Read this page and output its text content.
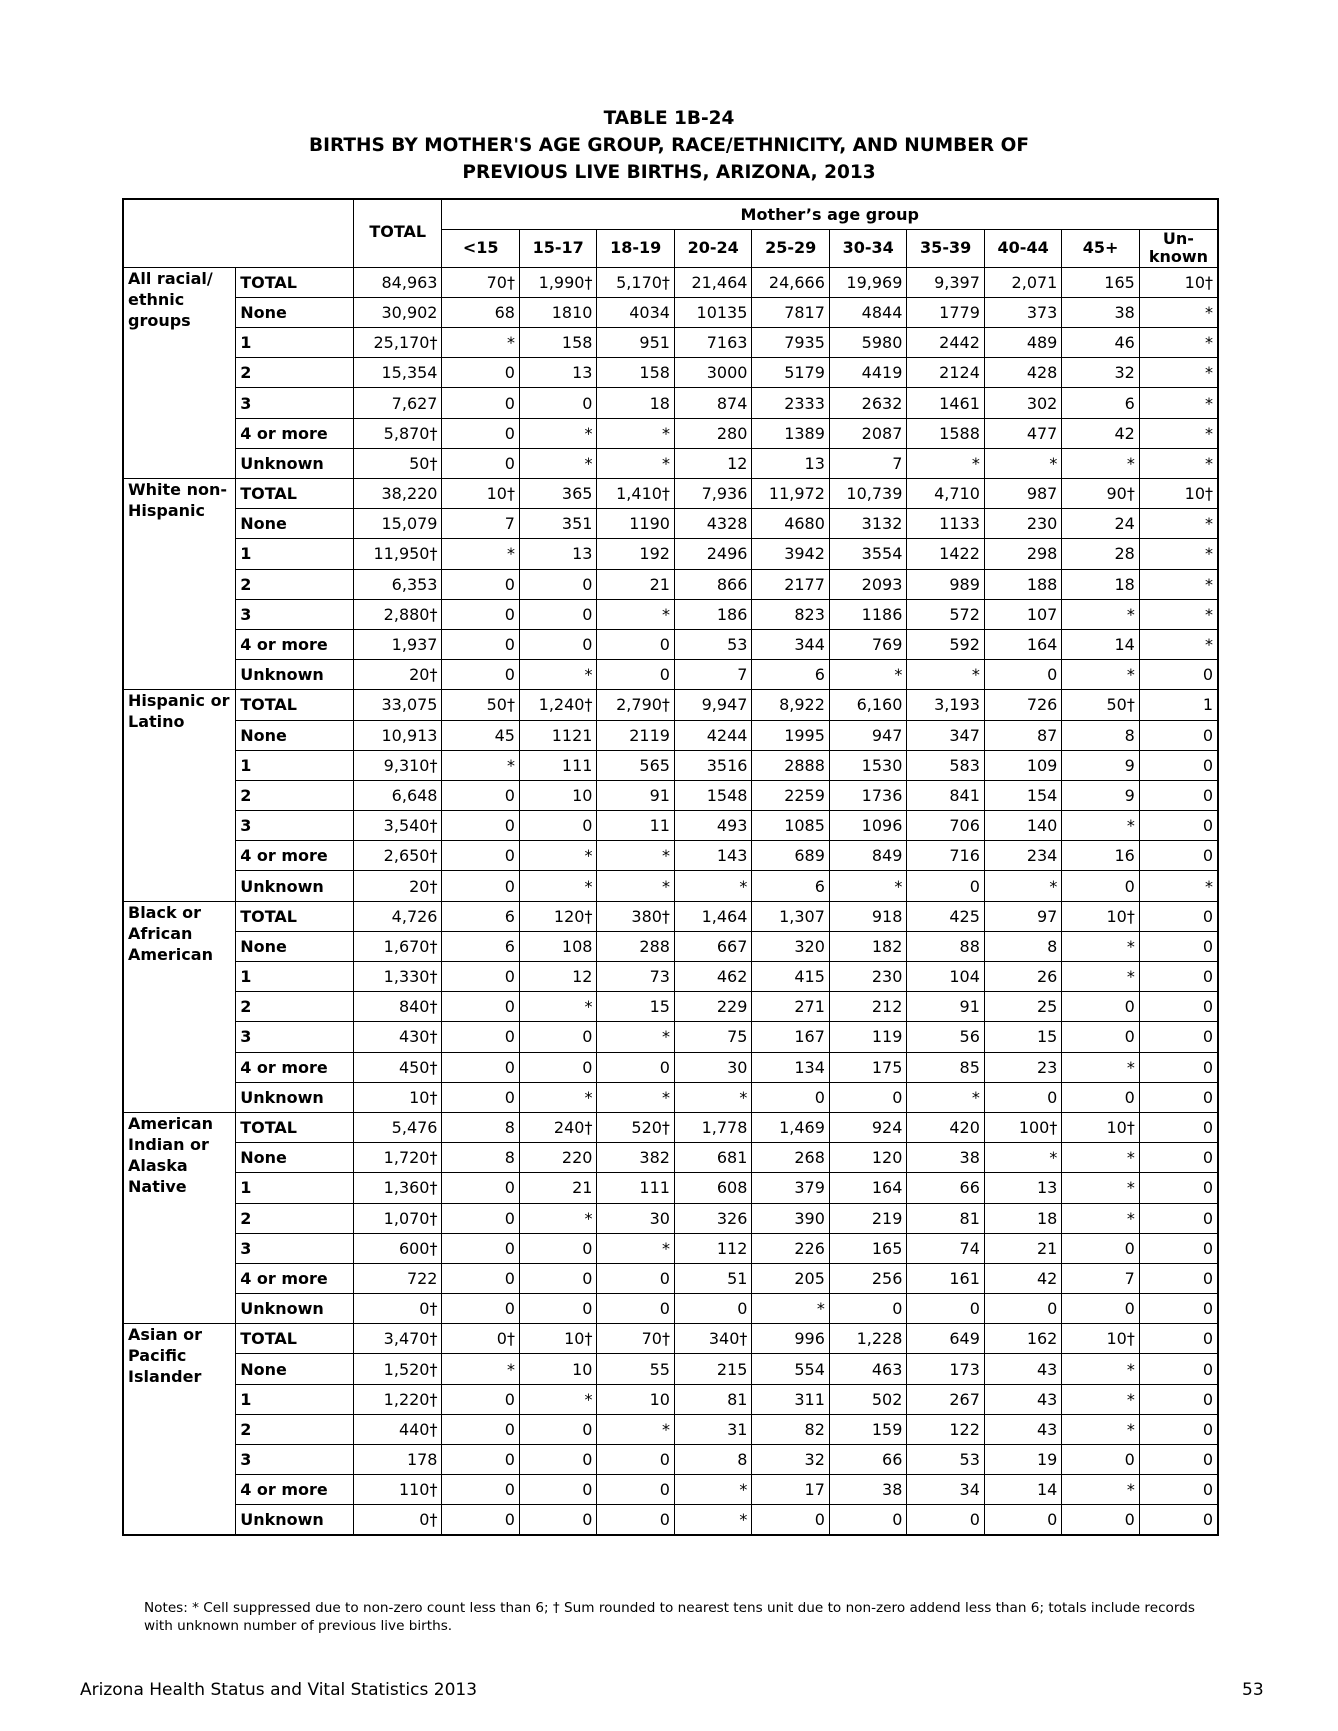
TABLE 1B-24
BIRTHS BY MOTHER'S AGE GROUP, RACE/ETHNICITY, AND NUMBER OF
PREVIOUS LIVE BIRTHS, ARIZONA, 2013
		TOTAL	Mother’s age group									
			<15	15-17	18-19	20-24	25-29	30-34	35-39	40-44	45+	Un-
known
All racial/ ethnic groups	TOTAL	84,963	70†	1,990†	5,170†	21,464	24,666	19,969	9,397	2,071	165	10†
	None	30,902	68	1810	4034	10135	7817	4844	1779	373	38	*
	1	25,170†	*	158	951	7163	7935	5980	2442	489	46	*
	2	15,354	0	13	158	3000	5179	4419	2124	428	32	*
	3	7,627	0	0	18	874	2333	2632	1461	302	6	*
	4 or more	5,870†	0	*	*	280	1389	2087	1588	477	42	*
	Unknown	50†	0	*	*	12	13	7	*	*	*	*
White non-Hispanic	TOTAL	38,220	10†	365	1,410†	7,936	11,972	10,739	4,710	987	90†	10†
	None	15,079	7	351	1190	4328	4680	3132	1133	230	24	*
	1	11,950†	*	13	192	2496	3942	3554	1422	298	28	*
	2	6,353	0	0	21	866	2177	2093	989	188	18	*
	3	2,880†	0	0	*	186	823	1186	572	107	*	*
	4 or more	1,937	0	0	0	53	344	769	592	164	14	*
	Unknown	20†	0	*	0	7	6	*	*	0	*	0
Hispanic or Latino	TOTAL	33,075	50†	1,240†	2,790†	9,947	8,922	6,160	3,193	726	50†	1
	None	10,913	45	1121	2119	4244	1995	947	347	87	8	0
	1	9,310†	*	111	565	3516	2888	1530	583	109	9	0
	2	6,648	0	10	91	1548	2259	1736	841	154	9	0
	3	3,540†	0	0	11	493	1085	1096	706	140	*	0
	4 or more	2,650†	0	*	*	143	689	849	716	234	16	0
	Unknown	20†	0	*	*	*	6	*	0	*	0	*
Black or African American	TOTAL	4,726	6	120†	380†	1,464	1,307	918	425	97	10†	0
	None	1,670†	6	108	288	667	320	182	88	8	*	0
	1	1,330†	0	12	73	462	415	230	104	26	*	0
	2	840†	0	*	15	229	271	212	91	25	0	0
	3	430†	0	0	*	75	167	119	56	15	0	0
	4 or more	450†	0	0	0	30	134	175	85	23	*	0
	Unknown	10†	0	*	*	*	0	0	*	0	0	0
American Indian or Alaska Native	TOTAL	5,476	8	240†	520†	1,778	1,469	924	420	100†	10†	0
	None	1,720†	8	220	382	681	268	120	38	*	*	0
	1	1,360†	0	21	111	608	379	164	66	13	*	0
	2	1,070†	0	*	30	326	390	219	81	18	*	0
	3	600†	0	0	*	112	226	165	74	21	0	0
	4 or more	722	0	0	0	51	205	256	161	42	7	0
	Unknown	0†	0	0	0	0	*	0	0	0	0	0
Asian or Pacific Islander	TOTAL	3,470†	0†	10†	70†	340†	996	1,228	649	162	10†	0
	None	1,520†	*	10	55	215	554	463	173	43	*	0
	1	1,220†	0	*	10	81	311	502	267	43	*	0
	2	440†	0	0	*	31	82	159	122	43	*	0
	3	178	0	0	0	8	32	66	53	19	0	0
	4 or more	110†	0	0	0	*	17	38	34	14	*	0
	Unknown	0†	0	0	0	*	0	0	0	0	0	0
Notes: * Cell suppressed due to non-zero count less than 6; † Sum rounded to nearest tens unit due to non-zero addend less than 6; totals include records with unknown number of previous live births.
Arizona Health Status and Vital Statistics 2013	53
